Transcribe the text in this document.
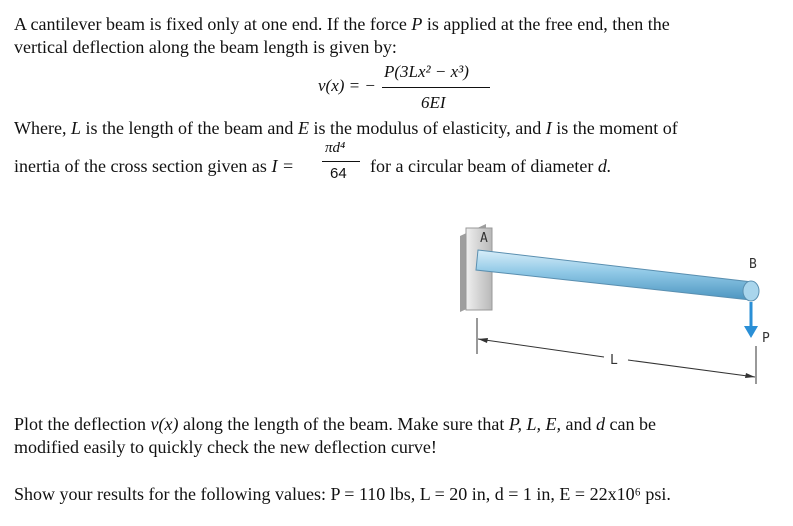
A cantilever beam is fixed only at one end. If the force P is applied at the free end, then the
vertical deflection along the beam length is given by:
v(x) = −
P(3Lx² − x³)
6EI
Where, L is the length of the beam and E is the modulus of elasticity, and I is the moment of
inertia of the cross section given as I =
πd⁴
64 for a circular beam of diameter d.
A
B
P
L
Plot the deflection v(x) along the length of the beam. Make sure that P, L, E, and d can be
modified easily to quickly check the new deflection curve!
Show your results for the following values: P = 110 lbs, L = 20 in, d = 1 in, E = 22x10⁶ psi.
